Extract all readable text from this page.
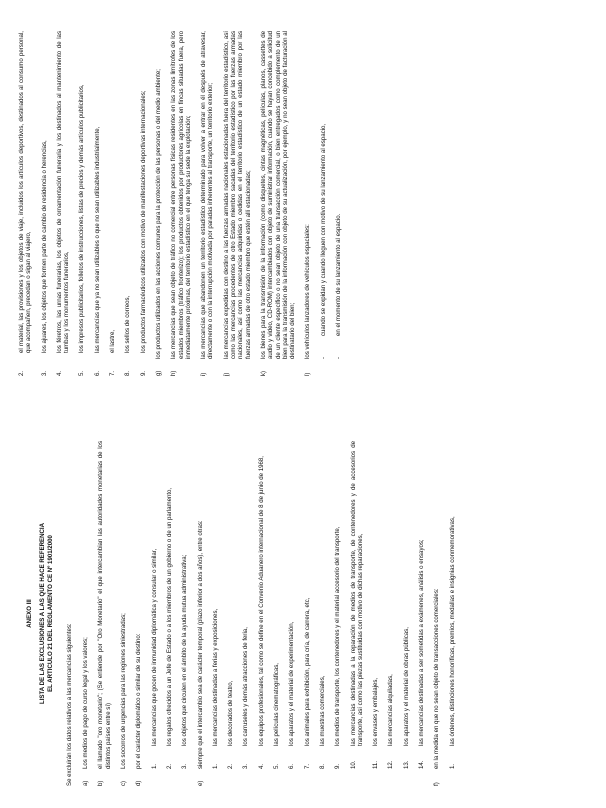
ANEXO III LISTA DE LAS EXCLUSIONES A LAS QUE HACE REFERENCIA EL ARTICULO 21 DEL REGLAMENTO CE Nº 1901/2000
Se excluirán los datos relativos a las mercancías siguientes: a)
Los medios de pago de curso legal y los valores;
b)
el llamado "oro monetario"; (Se entiende por "Oro Monetario" el que intercambian las autoridades monetarias de los distintos países entre sí)
c)
Los socorros de urgencias para las regiones siniestradas;
d)
por el carácter diplomático o similar de su destino: 1.
las mercancías que gocen de inmunidad diplomática y consular o similar,
2.
los regalos ofrecidos a un Jefe de Estado o a los miembros de un gobierno o de un parlamento,
3.
los objetos que circulen en el ámbito de la ayuda mutua administrativa;
e)
siempre que el intercambio sea de carácter temporal (plazo inferior a dos años), entre otras: 1.
las mercancías destinadas a ferias y exposiciones,
2.
los decorados de teatro,
3.
los carruseles y demás atracciones de feria,
4.
los equipos profesionales, tal como se define en el Convenio Aduanero internacional de 8 de junio de 1968,
5.
las películas cinematográficas,
6.
los aparatos y el material de experimentación,
7.
los animales para exhibición, para cría, de carrera, etc,
8.
las muestras comerciales,
9.
los medios de transporte, los contenedores y el material accesorio del transporte,
10.
las mercancías destinadas a la reparación de medios de transporte, de contenedores y de accesorios de transporte, así como las piezas sustituidas con motivo de dichas reparaciones,
11.
los envases y embalajes,
12.
las mercancías alquiladas,
13.
los aparatos y el material de obras públicas,
14.
las mercancías destinadas a ser sometidas a exámenes, análisis o ensayos;
f)
en la medida en que no sean objeto de transacciones comerciales: 1.
las órdenes, distinciones honoríficas, premios, medallas e insignias conmemorativas,
2.
el material, las provisiones y los objetos de viaje, incluidos los artículos deportivos, destinados al consumo personal, que acompañen, precedan o sigan al viajero,
3.
los ajuares, los objetos que formen parte de cambio de residencia o herencias,
4.
los féretros, las urnas funerarias, los objetos de ornamentación funeraria y los destinados al mantenimiento de las tumbas y los monumentos funerarios,
5.
los impresos publicitarios, folletos de instrucciones, listas de precios y demás artículos publicitarios,
6.
las mercancías que ya no sean utilizables o que no sean utilizables industrialmente,
7.
el lastre,
8.
los sellos de correos,
9.
los productos farmacéuticos utilizados con motivo de manifestaciones deportivas internacionales;
g)
los productos utilizados en las acciones comunes para la protección de las personas o del medio ambiente;
h)
las mercancías que sean objeto de tráfico no comercial entre personas físicas residentes en las zonas limítrofes de los estados miembros (tráfico fronterizo); los productos obtenidos por productores agrícolas en fincas situadas fuera, pero inmediatamente próximas, del territorio estadístico en el que tenga su sede la explotación;
i)
las mercancías que abandonen un territorio estadístico determinado para volver a entrar en él después de atravesar, directamente o con la interrupción motivada por paradas inherentes al transporte, un territorio exterior;
j)
las mercancías expedidas con destino a las fuerzas armadas nacionales estacionadas fuera del territorio estadístico, así como las mercancías procedentes de otro Estado miembro sacadas del territorio estadístico por las fuerzas armadas nacionales, así como las mercancías adquiridas o cedidas en el territorio estadístico de un estado miembro por las fuerzas armadas de otro estado miembro que estén allí estacionadas;
k)
los bienes para la transmisión de la información (como disquetes, cintas magnéticas, películas, planos, cassettes de audio y video, CD-ROM) intercambiados con objeto de suministrar información, cuando se hayan concebido a solicitud de un cliente específico o no sean objeto de una transacción comercial, o bien entregados como complemento de un bien para la transmisión de la información con objeto de su actualización, por ejemplo, y no sean objeto de facturación al destinatario del bien;
l)
los vehículos lanzadores de vehículos espaciales: -
cuando se expidan y cuando lleguen con motivo de su lanzamiento al espacio,
-
en el momento de su lanzamiento al espacio.
